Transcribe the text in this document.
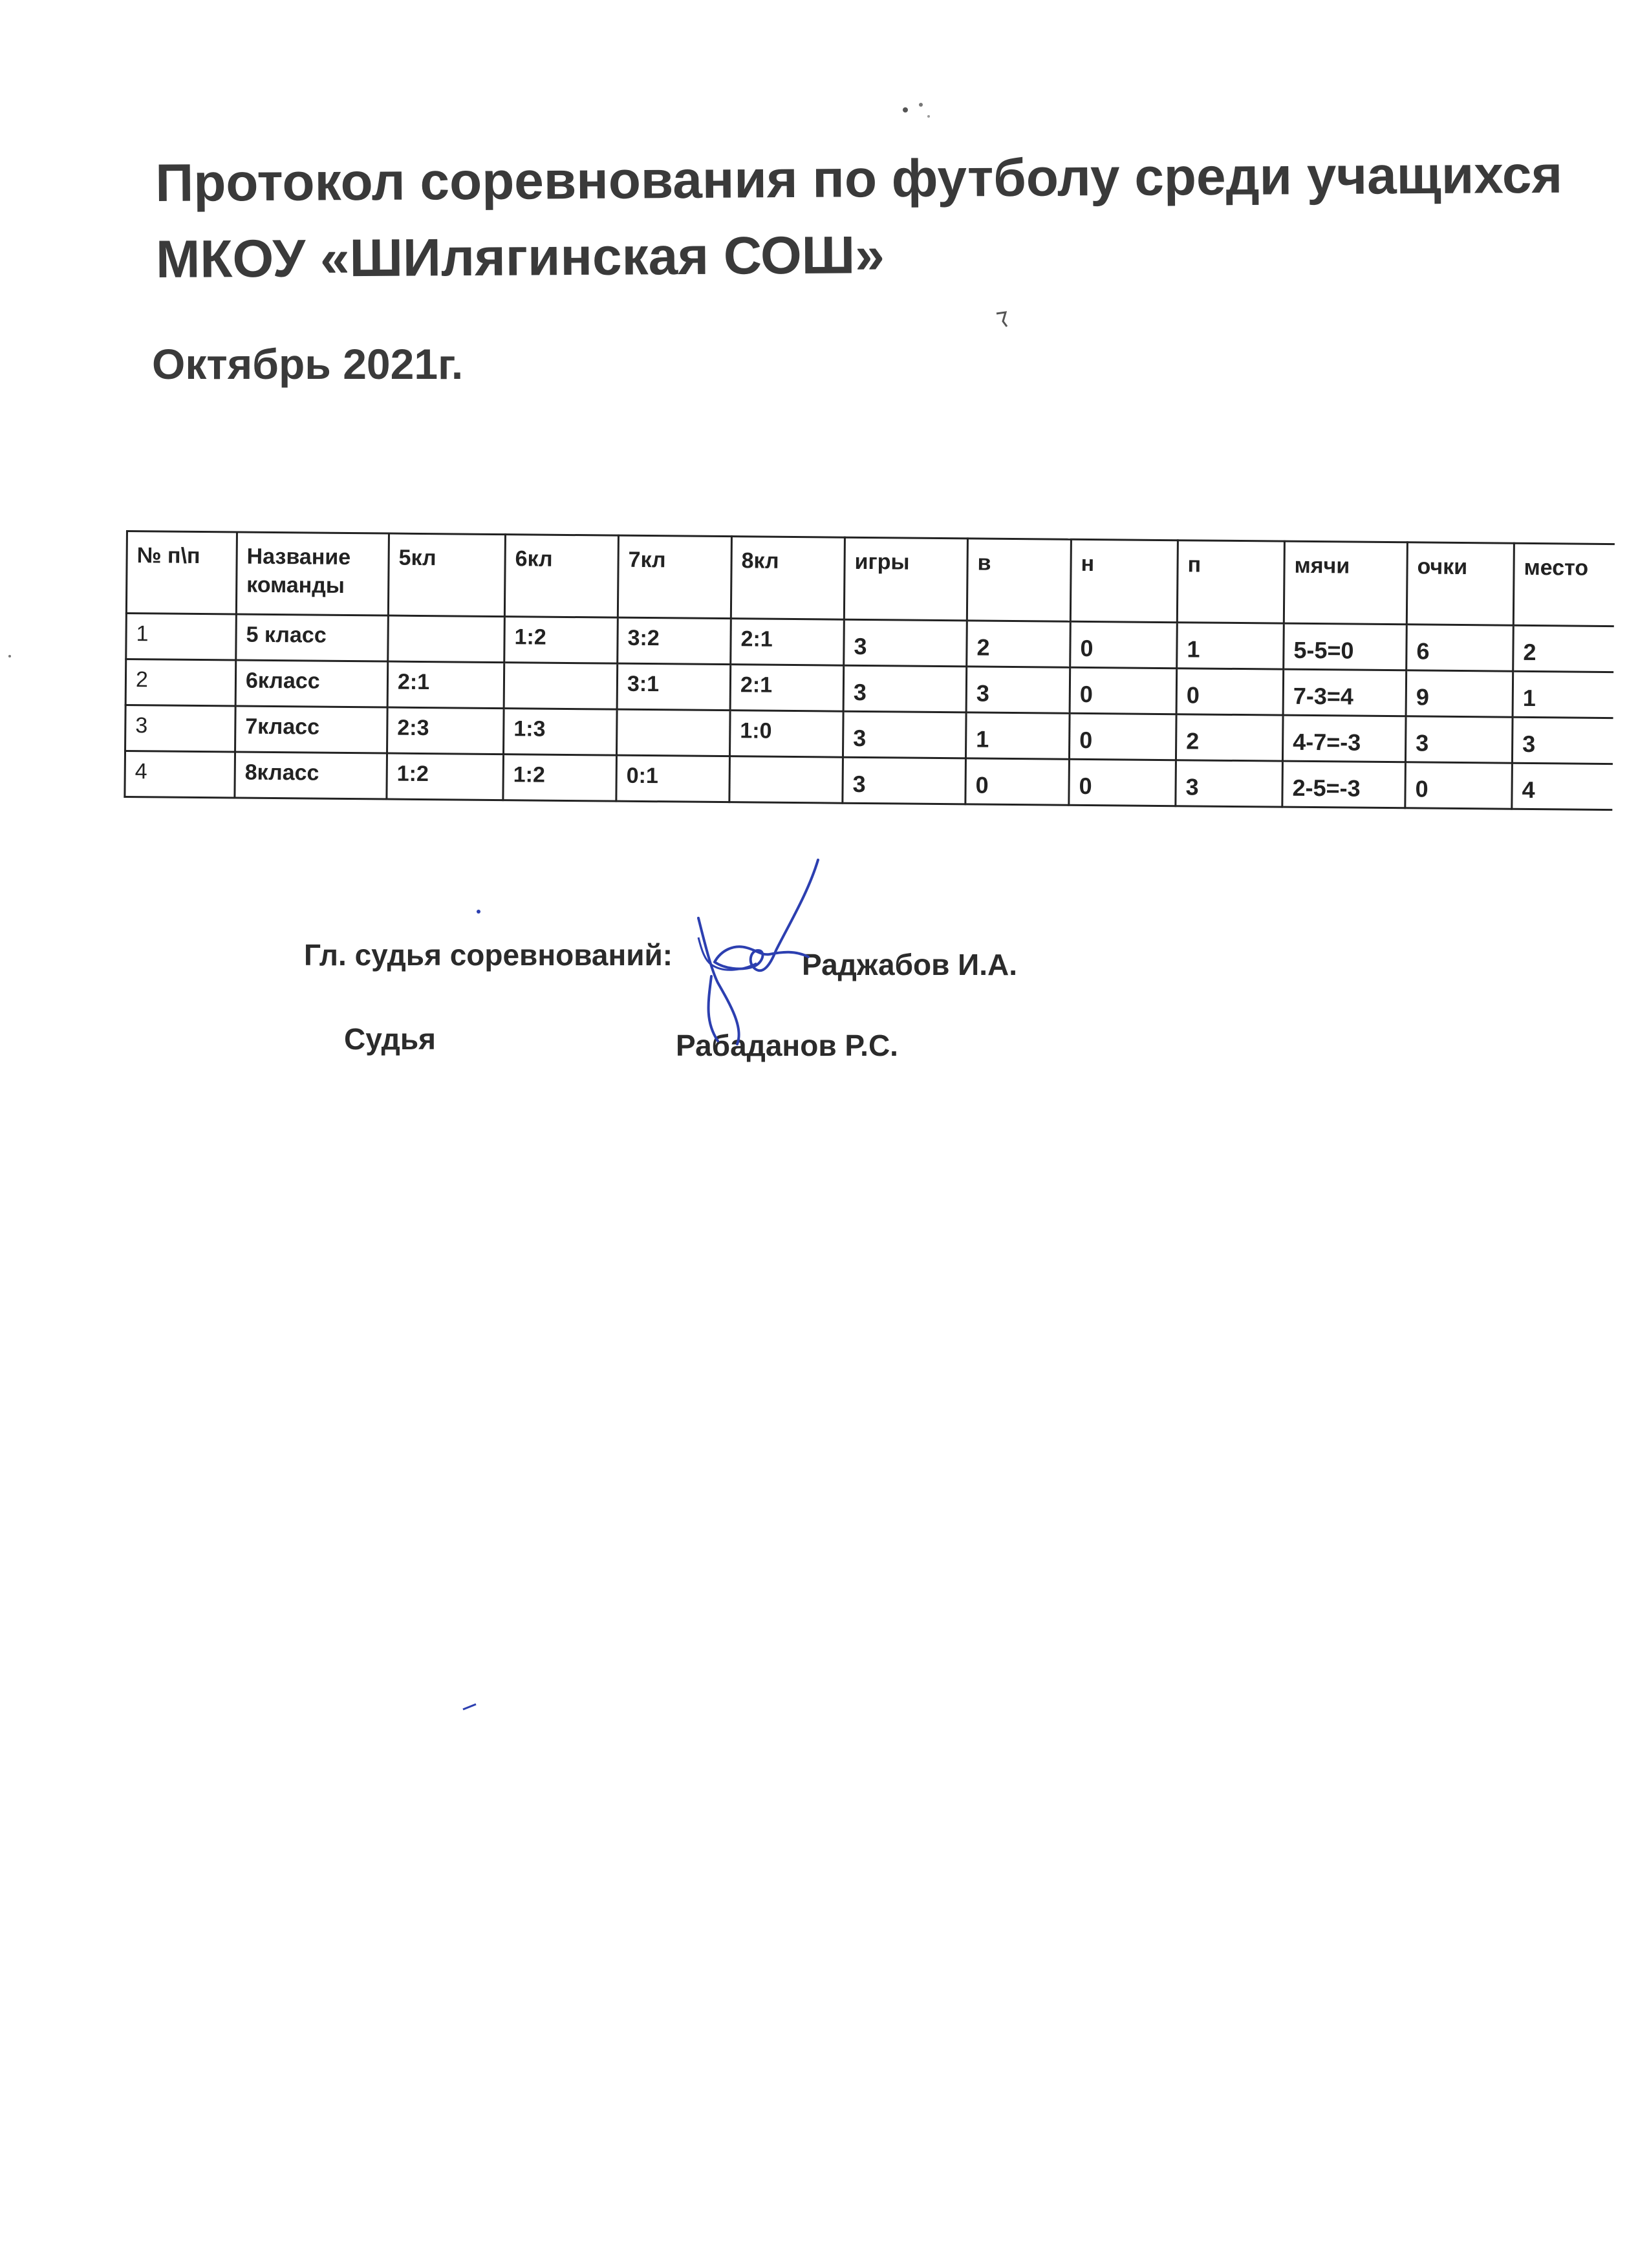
Протокол соревнования по футболу среди учащихся
МКОУ «ШИлягинская СОШ»
Октябрь 2021г.
№ п\п	Название команды	5кл	6кл	7кл	8кл	игры	в	н	п	мячи	очки	место
1	5 класс		1:2	3:2	2:1	3	2	0	1	5-5=0	6	2
2	6класс	2:1		3:1	2:1	3	3	0	0	7-3=4	9	1
3	7класс	2:3	1:3		1:0	3	1	0	2	4-7=-3	3	3
4	8класс	1:2	1:2	0:1		3	0	0	3	2-5=-3	0	4
Гл. судья соревнований:	Раджабов И.А.
Судья	Рабаданов Р.С.
